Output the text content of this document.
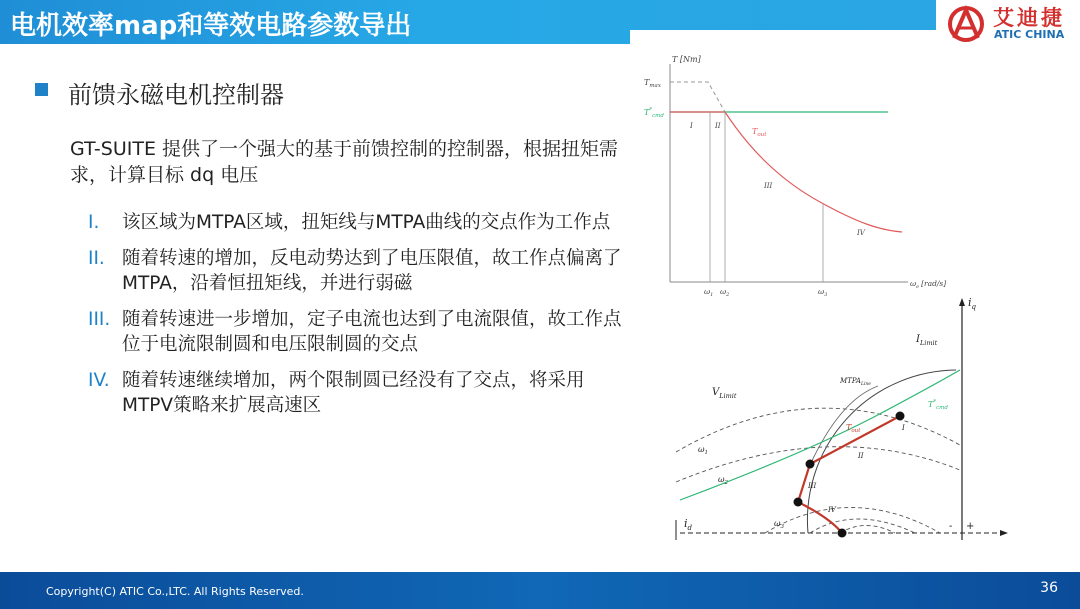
电机效率map和等效电路参数导出	艾迪捷
ATIC CHINA
前馈永磁电机控制器
GT-SUITE 提供了一个强大的基于前馈控制的控制器，根据扭矩需求，计算目标 dq 电压
I. 该区域为MTPA区域，扭矩线与MTPA曲线的交点作为工作点
II. 随着转速的增加，反电动势达到了电压限值，故工作点偏离了MTPA，沿着恒扭矩线，并进行弱磁
III. 随着转速进一步增加，定子电流也达到了电流限值，故工作点位于电流限制圆和电压限制圆的交点
IV. 随着转速继续增加，两个限制圆已经没有了交点，将采用MTPV策略来扩展高速区
T [Nm]
$T_{max}$
$T^*_{cmd}$
$T_{out}$
I	II
III
IV
$\omega_1$ $\omega_2$	$\omega_3$
$\omega_e$ [rad/s]
$i_q$
$i_d$	- +
$I_{Limit}$
$V_{Limit}$
$\omega_1$
$\omega_2$
$\omega_3$
$MTPA_{Line}$
$T^*_{cmd}$
$T_{out}$	I
II
III
IV
Copyright(C) ATIC Co.,LTC. All Rights Reserved.	36
